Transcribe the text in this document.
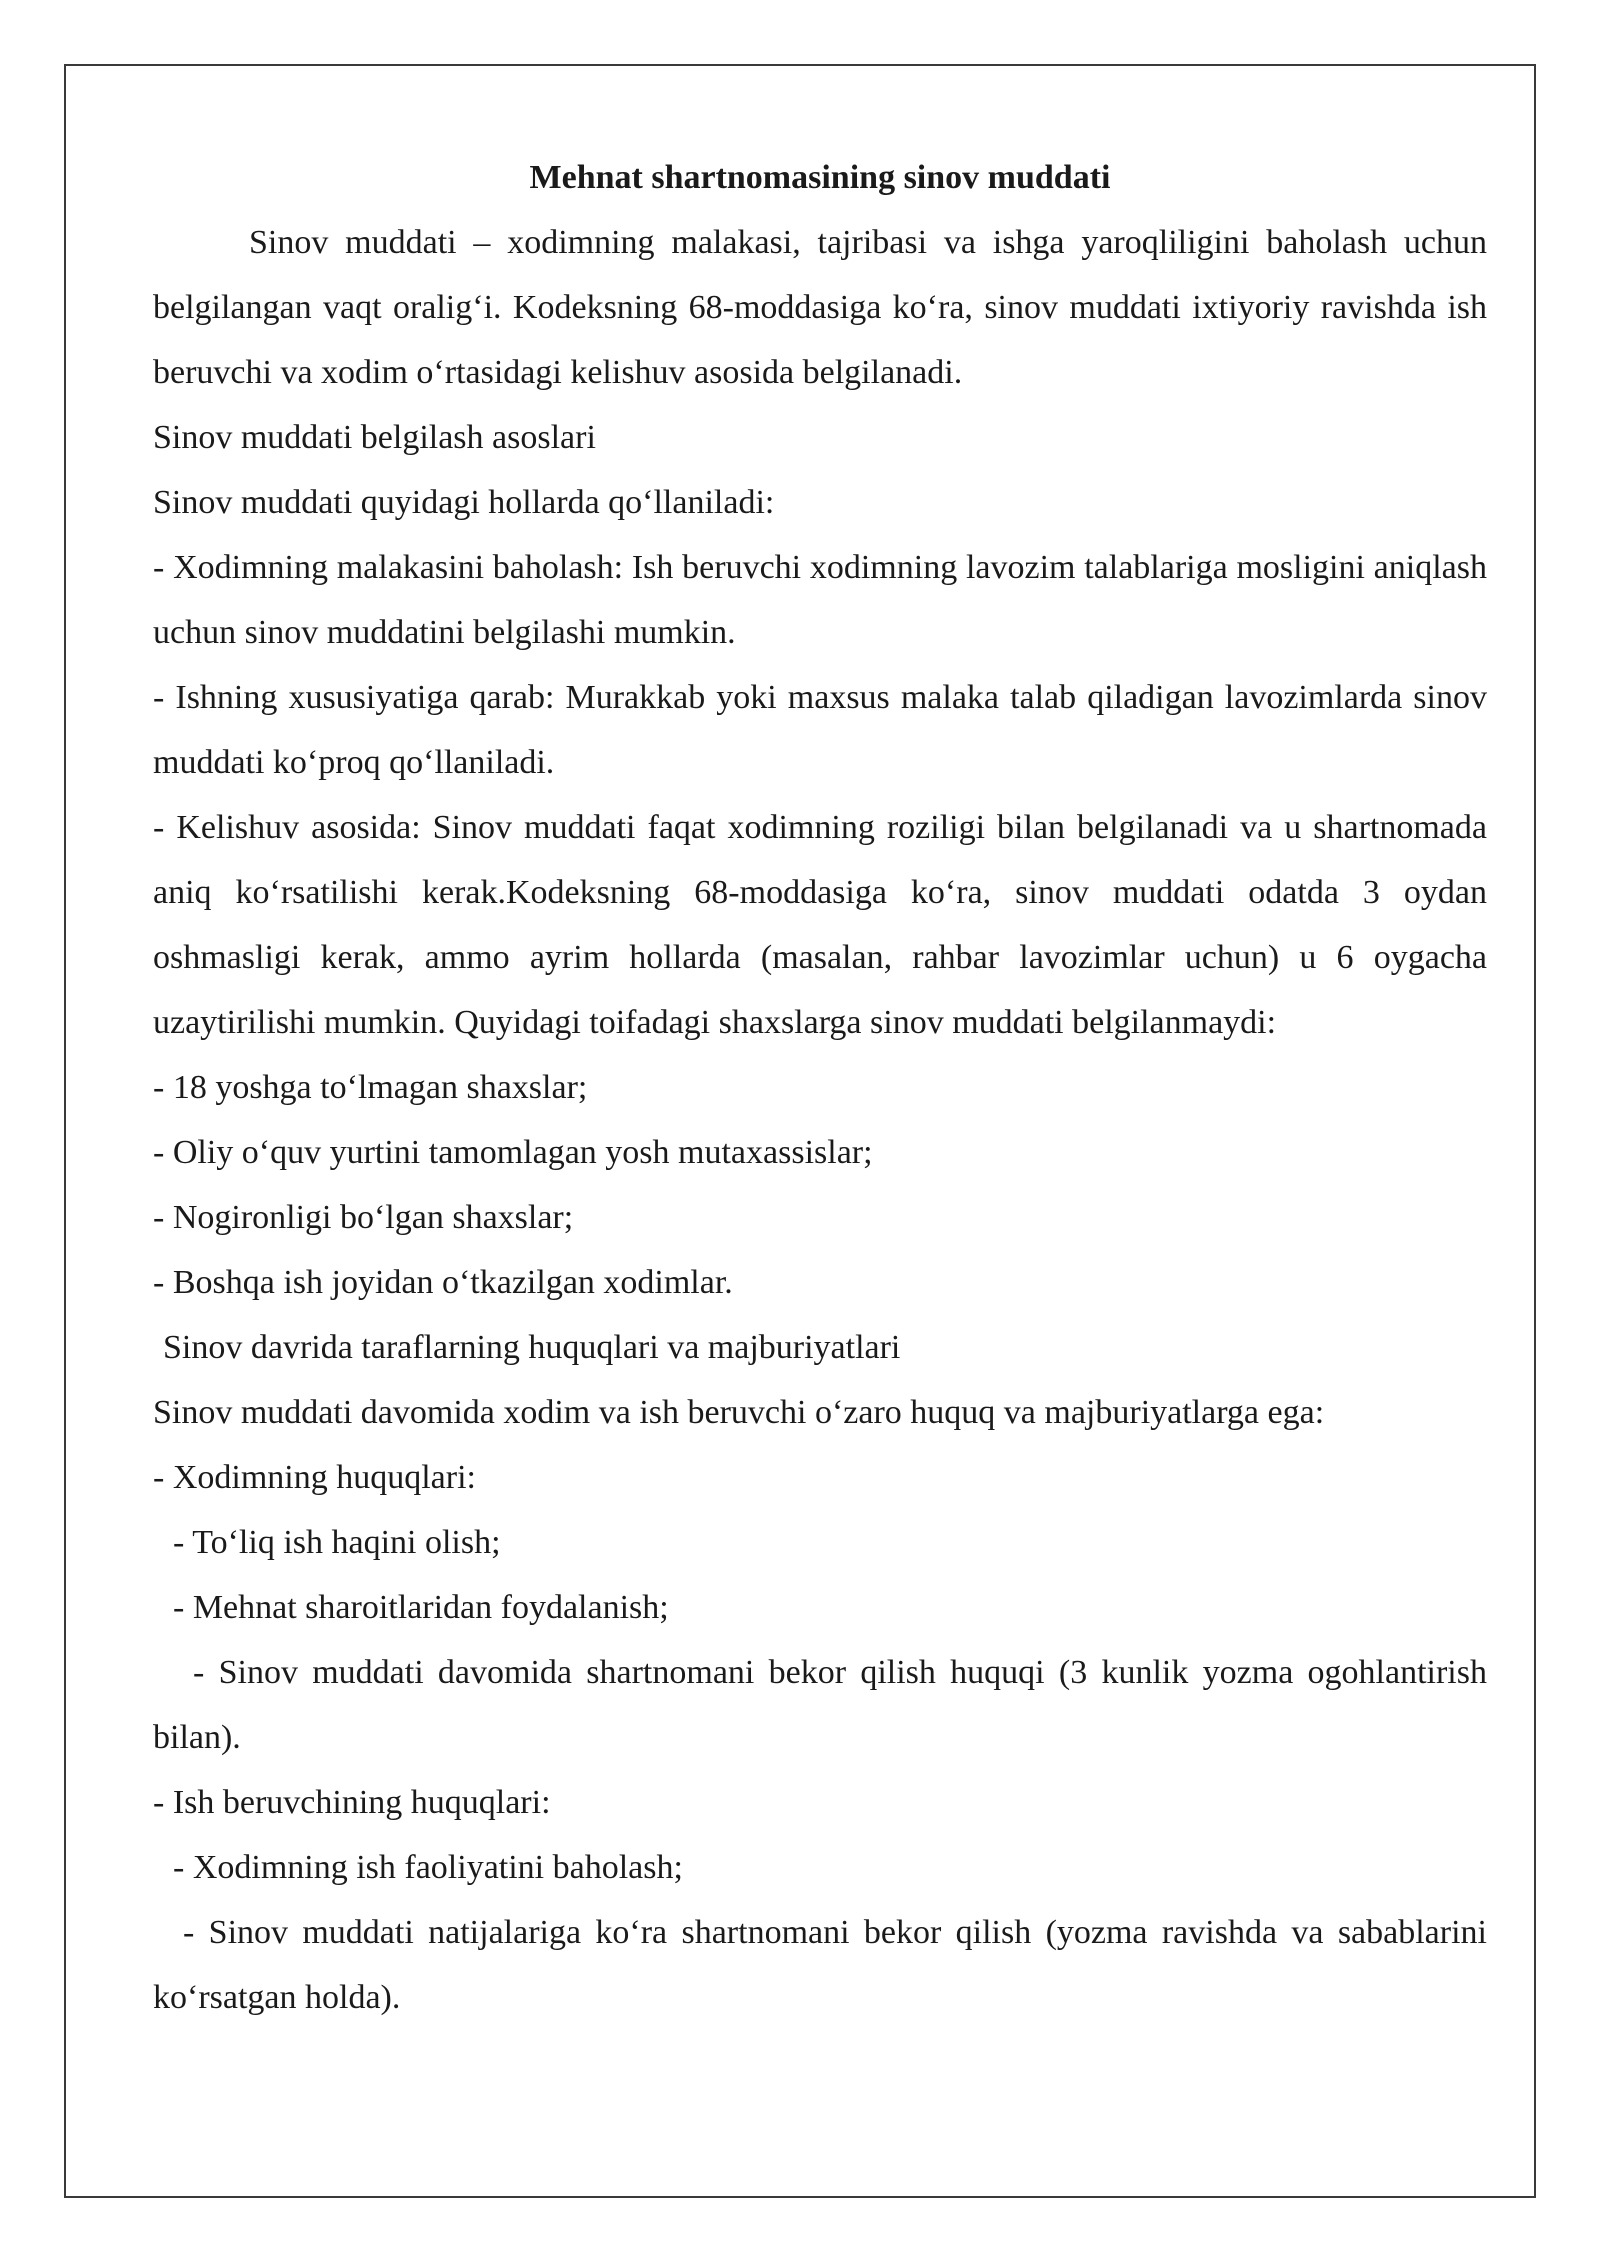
Mehnat shartnomasining sinov muddati

Sinov muddati – xodimning malakasi, tajribasi va ishga yaroqliligini baholash uchun belgilangan vaqt oralig‘i. Kodeksning 68-moddasiga ko‘ra, sinov muddati ixtiyoriy ravishda ish beruvchi va xodim o‘rtasidagi kelishuv asosida belgilanadi.

Sinov muddati belgilash asoslari

Sinov muddati quyidagi hollarda qo‘llaniladi:

- Xodimning malakasini baholash: Ish beruvchi xodimning lavozim talablariga mosligini aniqlash uchun sinov muddatini belgilashi mumkin.

- Ishning xususiyatiga qarab: Murakkab yoki maxsus malaka talab qiladigan lavozimlarda sinov muddati ko‘proq qo‘llaniladi.

- Kelishuv asosida: Sinov muddati faqat xodimning roziligi bilan belgilanadi va u shartnomada aniq ko‘rsatilishi kerak.Kodeksning 68-moddasiga ko‘ra, sinov muddati odatda 3 oydan oshmasligi kerak, ammo ayrim hollarda (masalan, rahbar lavozimlar uchun) u 6 oygacha uzaytirilishi mumkin. Quyidagi toifadagi shaxslarga sinov muddati belgilanmaydi:

- 18 yoshga to‘lmagan shaxslar;

- Oliy o‘quv yurtini tamomlagan yosh mutaxassislar;

- Nogironligi bo‘lgan shaxslar;

- Boshqa ish joyidan o‘tkazilgan xodimlar.

Sinov davrida taraflarning huquqlari va majburiyatlari

Sinov muddati davomida xodim va ish beruvchi o‘zaro huquq va majburiyatlarga ega:

- Xodimning huquqlari:

- To‘liq ish haqini olish;

- Mehnat sharoitlaridan foydalanish;

- Sinov muddati davomida shartnomani bekor qilish huquqi (3 kunlik yozma ogohlantirish bilan).

- Ish beruvchining huquqlari:

- Xodimning ish faoliyatini baholash;

- Sinov muddati natijalariga ko‘ra shartnomani bekor qilish (yozma ravishda va sabablarini ko‘rsatgan holda).
